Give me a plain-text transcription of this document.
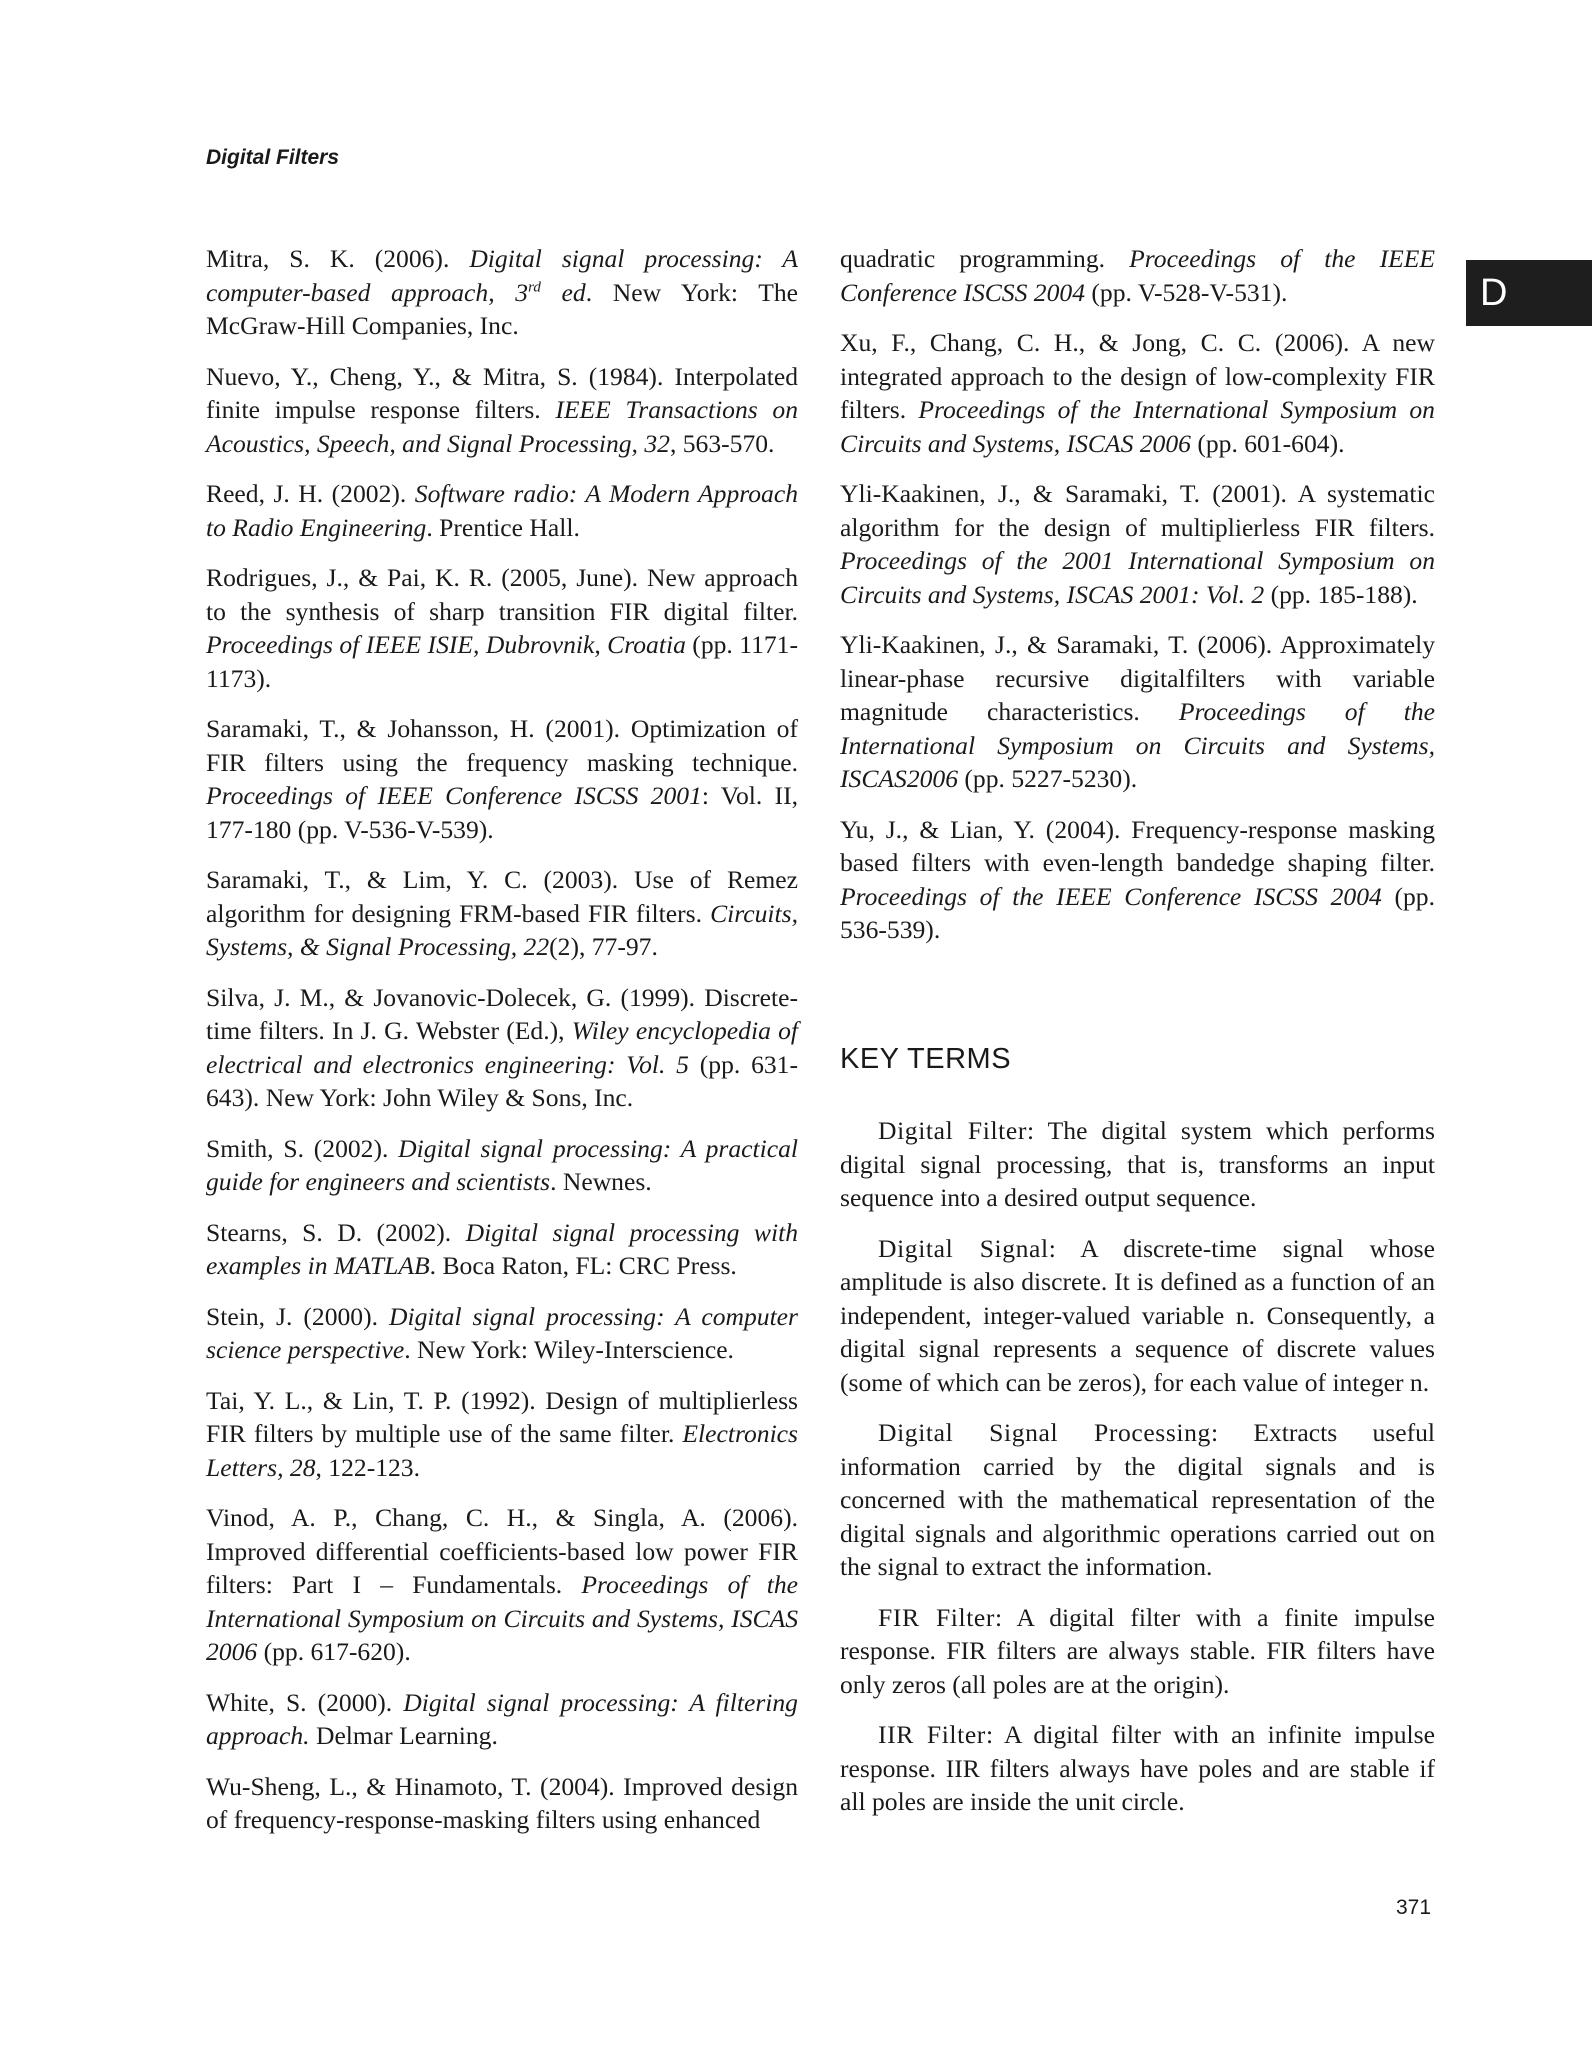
Digital Filters
D

Mitra, S. K. (2006). Digital signal processing: A computer-based approach, 3rd ed. New York: The McGraw-Hill Companies, Inc.

Nuevo, Y., Cheng, Y., & Mitra, S. (1984). Interpolated finite impulse response filters. IEEE Transactions on Acoustics, Speech, and Signal Processing, 32, 563-570.

Reed, J. H. (2002). Software radio: A Modern Approach to Radio Engineering. Prentice Hall.

Rodrigues, J., & Pai, K. R. (2005, June). New approach to the synthesis of sharp transition FIR digital filter. Proceedings of IEEE ISIE, Dubrovnik, Croatia (pp. 1171-1173).

Saramaki, T., & Johansson, H. (2001). Optimization of FIR filters using the frequency masking technique. Proceedings of IEEE Conference ISCSS 2001: Vol. II, 177-180 (pp. V-536-V-539).

Saramaki, T., & Lim, Y. C. (2003). Use of Remez algorithm for designing FRM-based FIR filters. Circuits, Systems, & Signal Processing, 22(2), 77-97.

Silva, J. M., & Jovanovic-Dolecek, G. (1999). Discrete-time filters. In J. G. Webster (Ed.), Wiley encyclopedia of electrical and electronics engineering: Vol. 5 (pp. 631-643). New York: John Wiley & Sons, Inc.

Smith, S. (2002). Digital signal processing: A practical guide for engineers and scientists. Newnes.

Stearns, S. D. (2002). Digital signal processing with examples in MATLAB. Boca Raton, FL: CRC Press.

Stein, J. (2000). Digital signal processing: A computer science perspective. New York: Wiley-Interscience.

Tai, Y. L., & Lin, T. P. (1992). Design of multiplierless FIR filters by multiple use of the same filter. Electronics Letters, 28, 122-123.

Vinod, A. P., Chang, C. H., & Singla, A. (2006). Improved differential coefficients-based low power FIR filters: Part I – Fundamentals. Proceedings of the International Symposium on Circuits and Systems, ISCAS 2006 (pp. 617-620).

White, S. (2000). Digital signal processing: A filtering approach. Delmar Learning.

Wu-Sheng, L., & Hinamoto, T. (2004). Improved design of frequency-response-masking filters using enhanced

quadratic programming. Proceedings of the IEEE Conference ISCSS 2004 (pp. V-528-V-531).

Xu, F., Chang, C. H., & Jong, C. C. (2006). A new integrated approach to the design of low-complexity FIR filters. Proceedings of the International Symposium on Circuits and Systems, ISCAS 2006 (pp. 601-604).

Yli-Kaakinen, J., & Saramaki, T. (2001). A systematic algorithm for the design of multiplierless FIR filters. Proceedings of the 2001 International Symposium on Circuits and Systems, ISCAS 2001: Vol. 2 (pp. 185-188).

Yli-Kaakinen, J., & Saramaki, T. (2006). Approximately linear-phase recursive digitalfilters with variable magnitude characteristics. Proceedings of the International Symposium on Circuits and Systems, ISCAS2006 (pp. 5227-5230).

Yu, J., & Lian, Y. (2004). Frequency-response masking based filters with even-length bandedge shaping filter. Proceedings of the IEEE Conference ISCSS 2004 (pp. 536-539).

KEY TERMS

Digital Filter: The digital system which performs digital signal processing, that is, transforms an input sequence into a desired output sequence.

Digital Signal: A discrete-time signal whose amplitude is also discrete. It is defined as a function of an independent, integer-valued variable n. Consequently, a digital signal represents a sequence of discrete values (some of which can be zeros), for each value of integer n.

Digital Signal Processing: Extracts useful information carried by the digital signals and is concerned with the mathematical representation of the digital signals and algorithmic operations carried out on the signal to extract the information.

FIR Filter: A digital filter with a finite impulse response. FIR filters are always stable. FIR filters have only zeros (all poles are at the origin).

IIR Filter: A digital filter with an infinite impulse response. IIR filters always have poles and are stable if all poles are inside the unit circle.

371
